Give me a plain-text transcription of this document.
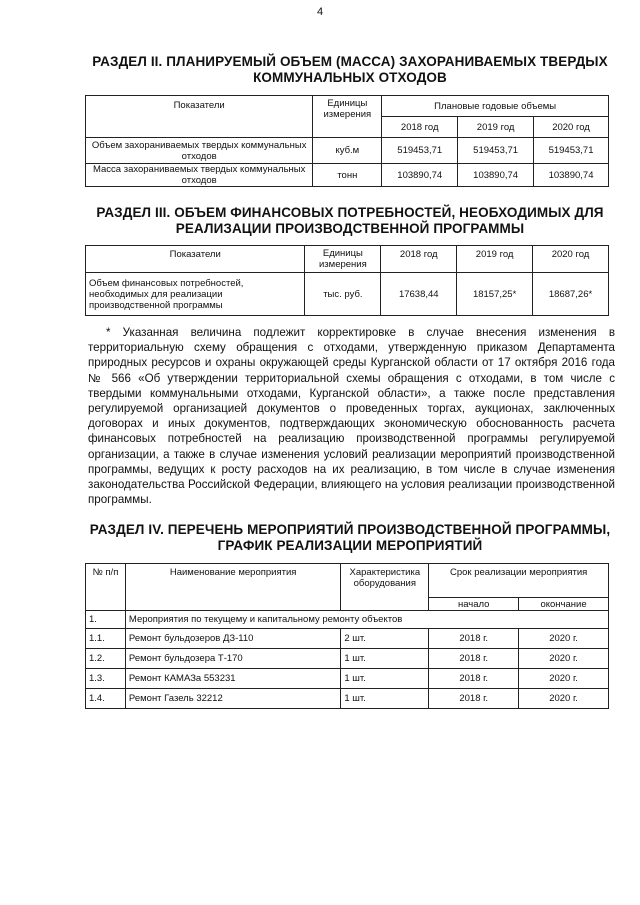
4
РАЗДЕЛ II. ПЛАНИРУЕМЫЙ ОБЪЕМ (МАССА) ЗАХОРАНИВАЕМЫХ ТВЕРДЫХ
КОММУНАЛЬНЫХ ОТХОДОВ
Показатели	Единицы измерения	Плановые годовые объемы		
		2018 год	2019 год	2020 год
Объем захораниваемых твердых коммунальных отходов	куб.м	519453,71	519453,71	519453,71
Масса захораниваемых твердых коммунальных отходов	тонн	103890,74	103890,74	103890,74
РАЗДЕЛ III. ОБЪЕМ ФИНАНСОВЫХ ПОТРЕБНОСТЕЙ, НЕОБХОДИМЫХ ДЛЯ
РЕАЛИЗАЦИИ ПРОИЗВОДСТВЕННОЙ ПРОГРАММЫ
Показатели	Единицы измерения	2018 год	2019 год	2020 год
Объем финансовых потребностей, необходимых для реализации производственной программы	тыс. руб.	17638,44	18157,25*	18687,26*
* Указанная величина подлежит корректировке в случае внесения изменения в территориальную схему обращения с отходами, утвержденную приказом Департамента природных ресурсов и охраны окружающей среды Курганской области от 17 октября 2016 года № 566 «Об утверждении территориальной схемы обращения с отходами, в том числе с твердыми коммунальными отходами, Курганской области», а также после представления регулируемой организацией документов о проведенных торгах, аукционах, заключенных договорах и иных документов, подтверждающих экономическую обоснованность расчета финансовых потребностей на реализацию производственной программы регулируемой организации, а также в случае изменения условий реализации мероприятий производственной программы, ведущих к росту расходов на их реализацию, в том числе в случае изменения законодательства Российской Федерации, влияющего на условия реализации производственной программы.
РАЗДЕЛ IV. ПЕРЕЧЕНЬ МЕРОПРИЯТИЙ ПРОИЗВОДСТВЕННОЙ ПРОГРАММЫ,
ГРАФИК РЕАЛИЗАЦИИ МЕРОПРИЯТИЙ
№ п/п	Наименование мероприятия	Характеристика оборудования	Срок реализации мероприятия	
			начало	окончание
1.	Мероприятия по текущему и капитальному ремонту объектов			
1.1.	Ремонт бульдозеров ДЗ-110	2 шт.	2018 г.	2020 г.
1.2.	Ремонт бульдозера Т-170	1 шт.	2018 г.	2020 г.
1.3.	Ремонт КАМАЗа 553231	1 шт.	2018 г.	2020 г.
1.4.	Ремонт Газель 32212	1 шт.	2018 г.	2020 г.
